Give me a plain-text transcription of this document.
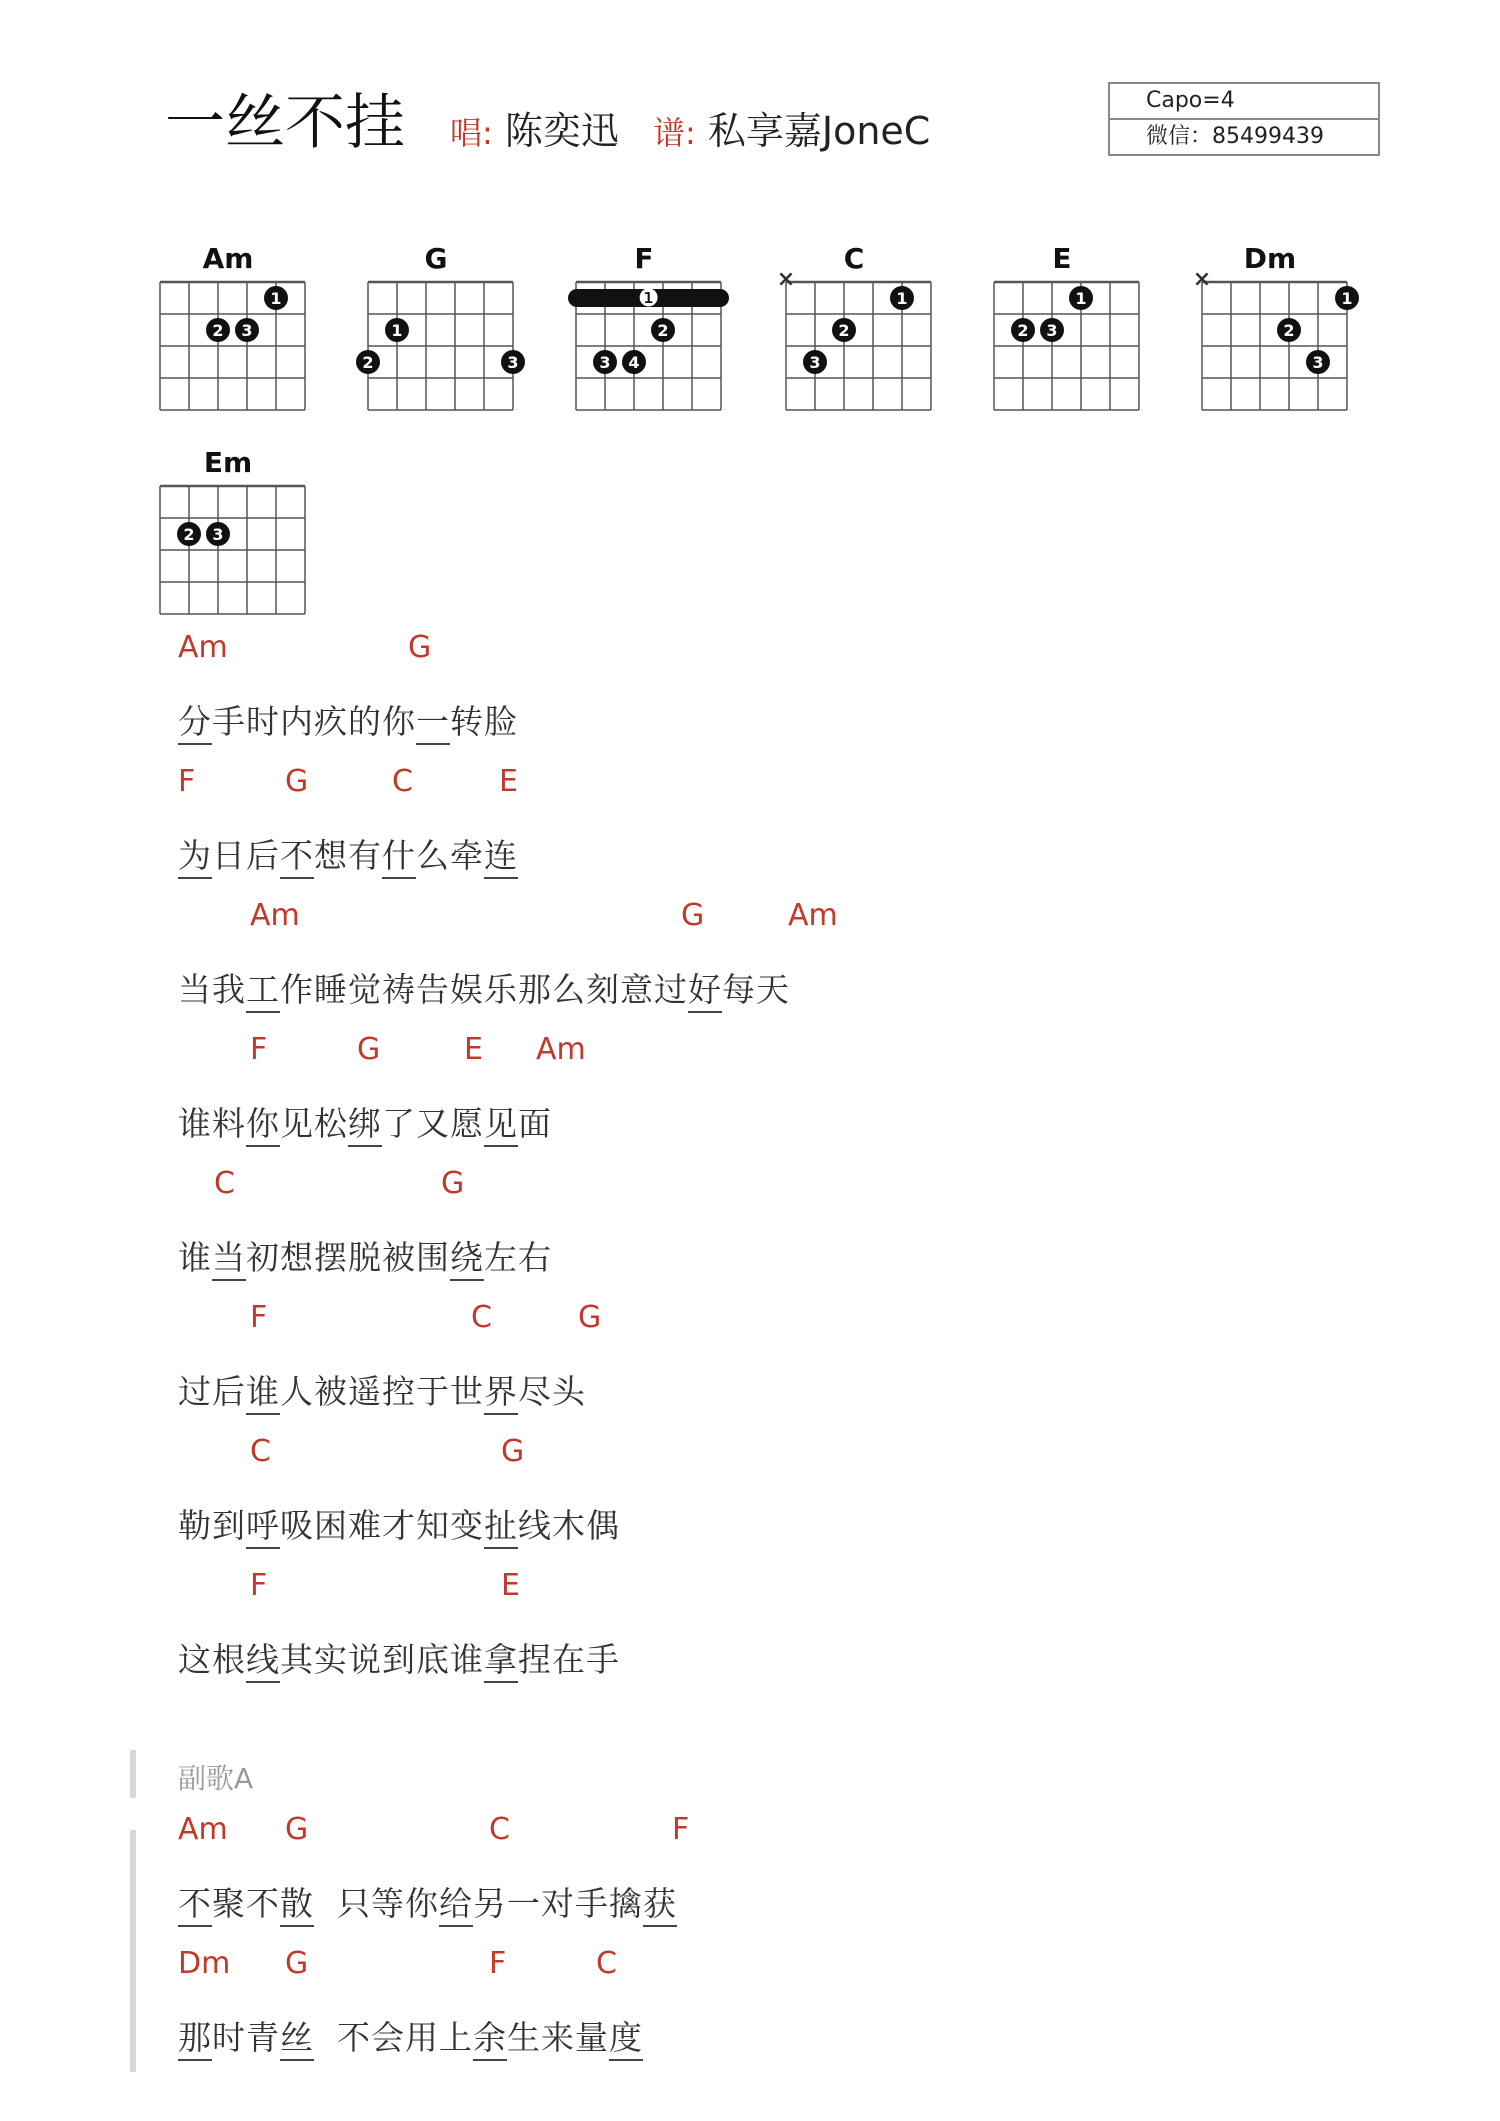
一丝不挂 唱: 陈奕迅 谱: 私享嘉JoneC
Capo=4
微信：85499439
Am
1
2 3
G
1
2	3
F
❶
2
3 4
C
×
1
2
3
E
1
2 3
Dm
×
1
2
3
Em
2 3
Am	G
分手时内疚的你一转脸
F	G	C	E
为日后不想有什么牵连
Am	G	Am
当我工作睡觉祷告娱乐那么刻意过好每天
F	G	E Am
谁料你见松绑了又愿见面
C	G
谁当初想摆脱被围绕左右
F	C	G
过后谁人被遥控于世界尽头
C	G
勒到呼吸困难才知变扯线木偶
F	E
这根线其实说到底谁拿捏在手
副歌A
Am G	C	F
不聚不散  只等你给另一对手擒获
Dm G	F	C
那时青丝  不会用上余生来量度
